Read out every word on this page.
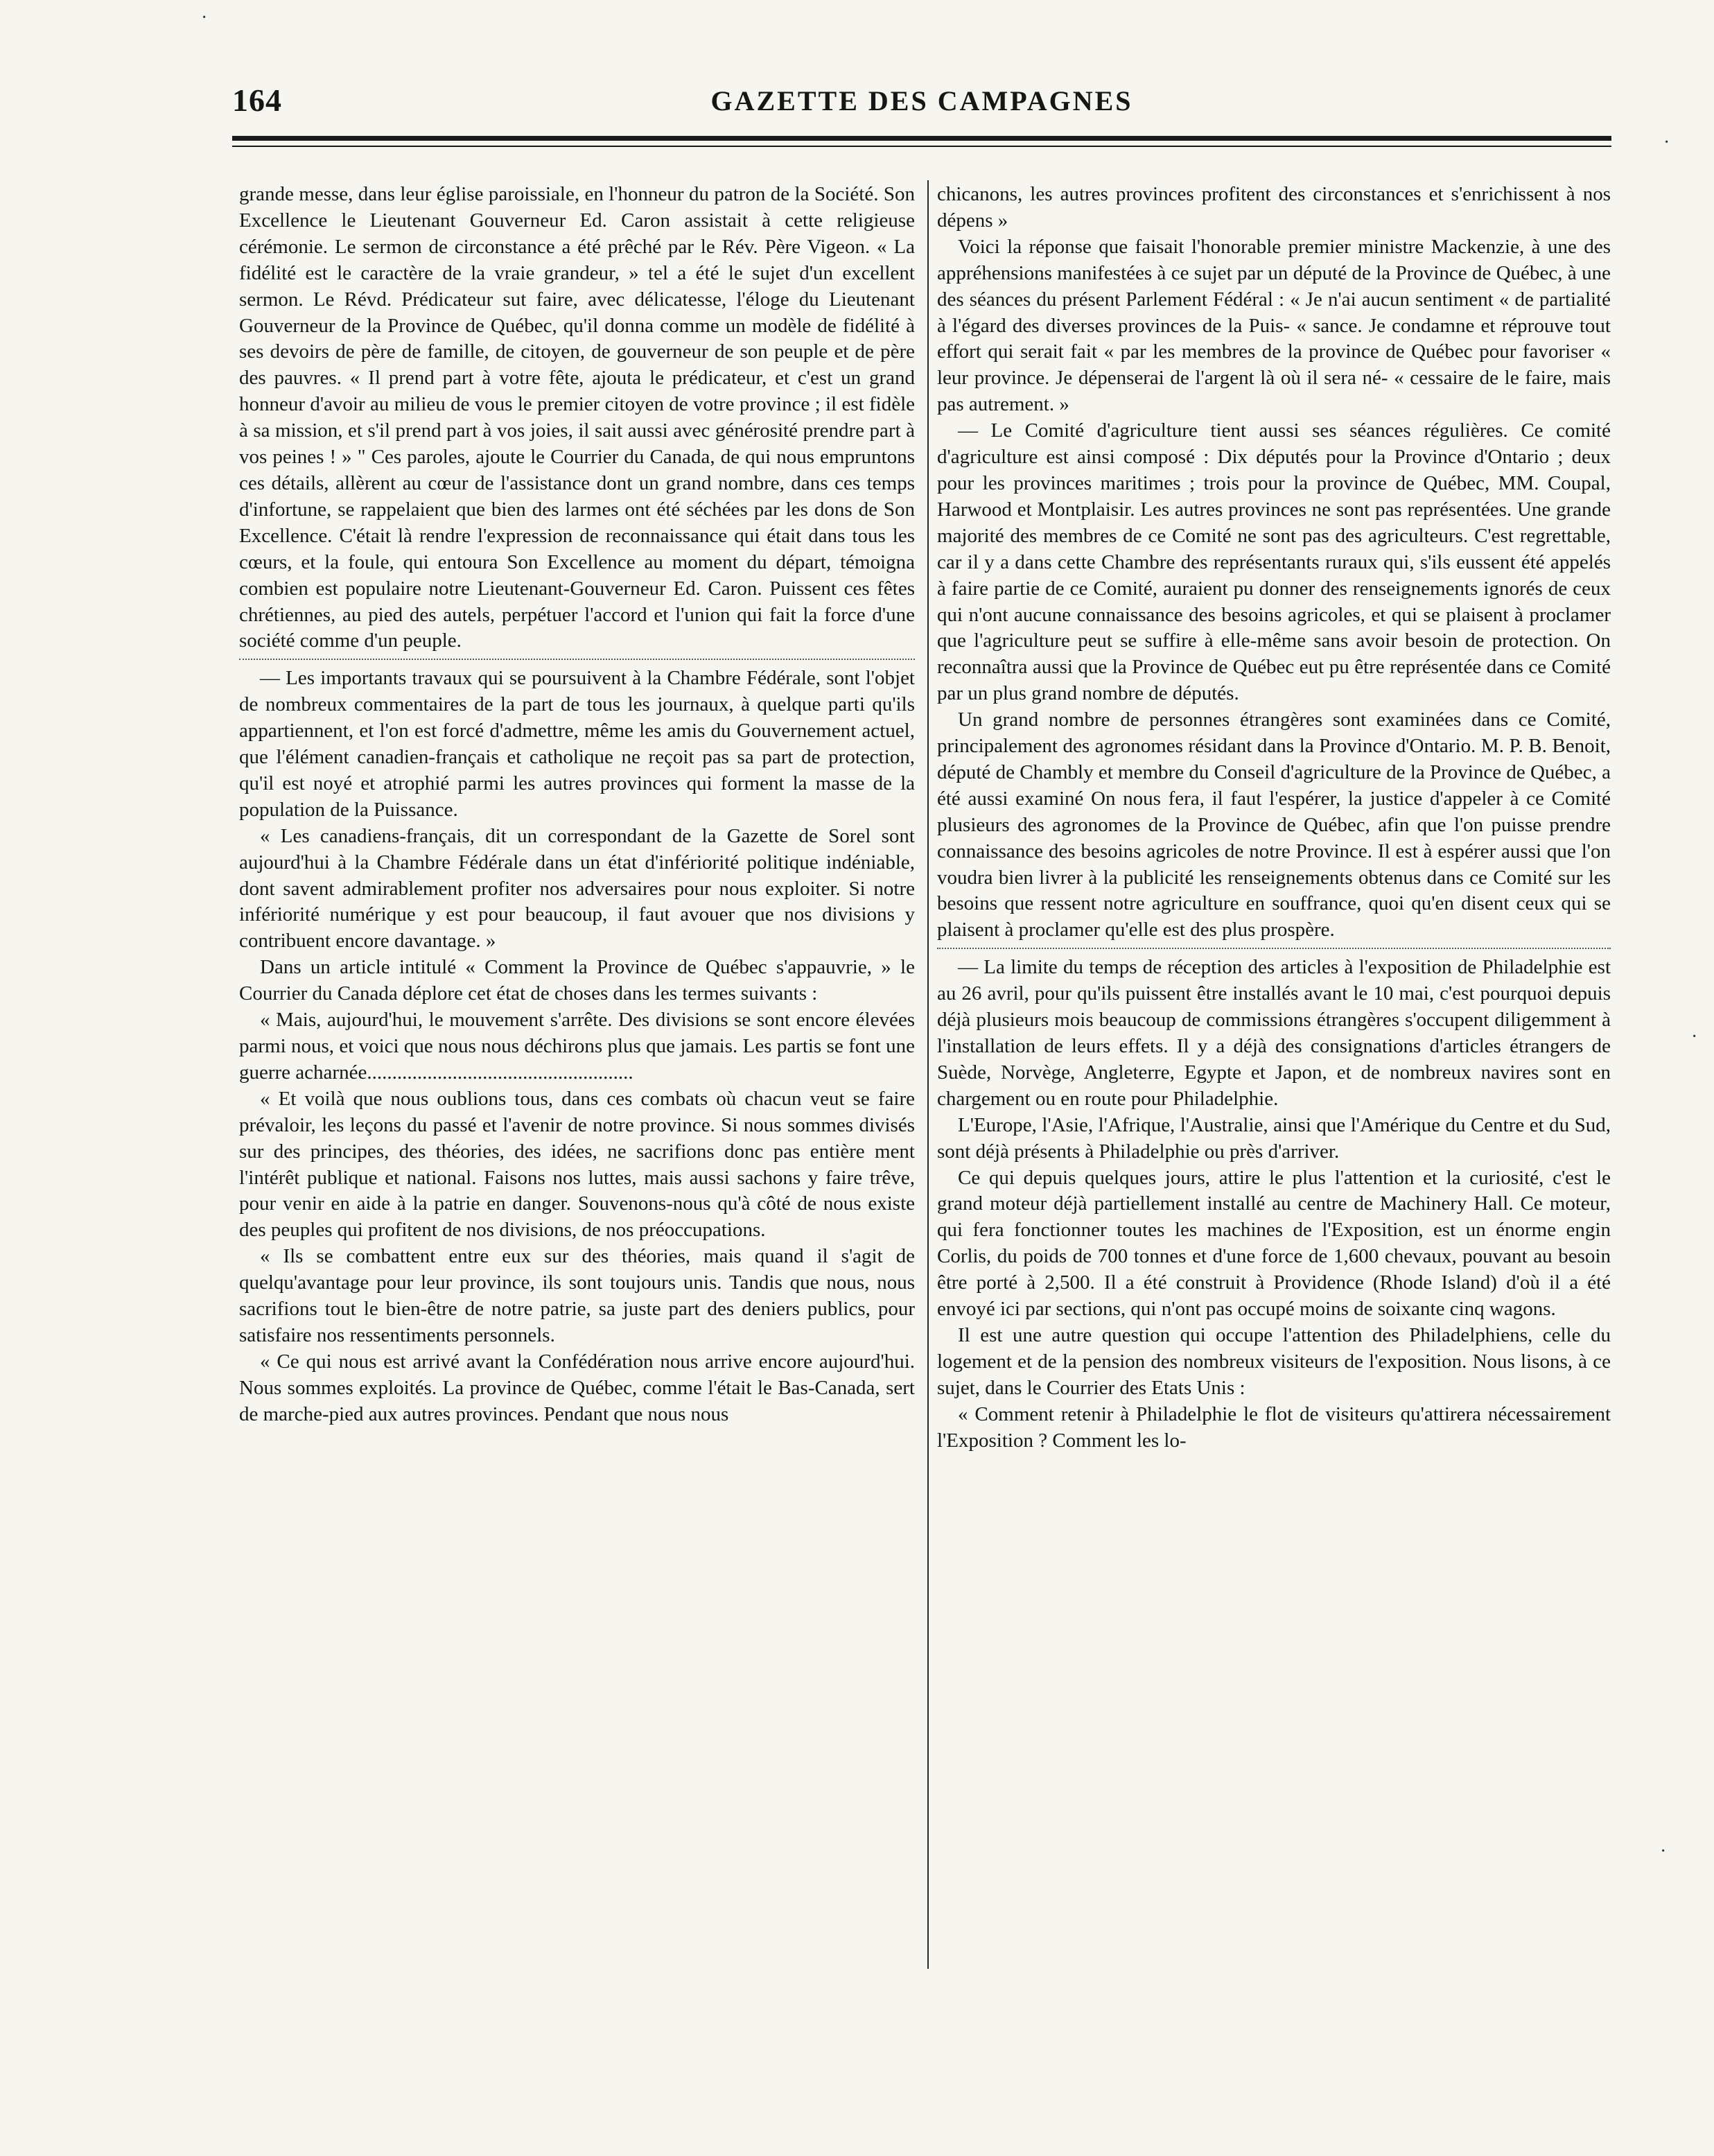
164	GAZETTE DES CAMPAGNES

grande messe, dans leur église paroissiale, en l'honneur du patron de la Société. Son Excellence le Lieutenant Gouverneur Ed. Caron assistait à cette religieuse cérémonie. Le sermon de circonstance a été prêché par le Rév. Père Vigeon. « La fidélité est le caractère de la vraie grandeur, » tel a été le sujet d'un excellent sermon. Le Révd. Prédicateur sut faire, avec délicatesse, l'éloge du Lieutenant Gouverneur de la Province de Québec, qu'il donna comme un modèle de fidélité à ses devoirs de père de famille, de citoyen, de gouverneur de son peuple et de père des pauvres. « Il prend part à votre fête, ajouta le prédicateur, et c'est un grand honneur d'avoir au milieu de vous le premier citoyen de votre province ; il est fidèle à sa mission, et s'il prend part à vos joies, il sait aussi avec générosité prendre part à vos peines ! » " Ces paroles, ajoute le Courrier du Canada, de qui nous empruntons ces détails, allèrent au cœur de l'assistance dont un grand nombre, dans ces temps d'infortune, se rappelaient que bien des larmes ont été séchées par les dons de Son Excellence. C'était là rendre l'expression de reconnaissance qui était dans tous les cœurs, et la foule, qui entoura Son Excellence au moment du départ, témoigna combien est populaire notre Lieutenant-Gouverneur Ed. Caron. Puissent ces fêtes chrétiennes, au pied des autels, perpétuer l'accord et l'union qui fait la force d'une société comme d'un peuple.

— Les importants travaux qui se poursuivent à la Chambre Fédérale, sont l'objet de nombreux commentaires de la part de tous les journaux, à quelque parti qu'ils appartiennent, et l'on est forcé d'admettre, même les amis du Gouvernement actuel, que l'élément canadien-français et catholique ne reçoit pas sa part de protection, qu'il est noyé et atrophié parmi les autres provinces qui forment la masse de la population de la Puissance.

« Les canadiens-français, dit un correspondant de la Gazette de Sorel sont aujourd'hui à la Chambre Fédérale dans un état d'infériorité politique indéniable, dont savent admirablement profiter nos adversaires pour nous exploiter. Si notre infériorité numérique y est pour beaucoup, il faut avouer que nos divisions y contribuent encore davantage. »

Dans un article intitulé « Comment la Province de Québec s'appauvrie, » le Courrier du Canada déplore cet état de choses dans les termes suivants :

« Mais, aujourd'hui, le mouvement s'arrête. Des divisions se sont encore élevées parmi nous, et voici que nous nous déchirons plus que jamais. Les partis se font une guerre acharnée.....................................................

« Et voilà que nous oublions tous, dans ces combats où chacun veut se faire prévaloir, les leçons du passé et l'avenir de notre province. Si nous sommes divisés sur des principes, des théories, des idées, ne sacrifions donc pas entière ment l'intérêt publique et national. Faisons nos luttes, mais aussi sachons y faire trêve, pour venir en aide à la patrie en danger. Souvenons-nous qu'à côté de nous existe des peuples qui profitent de nos divisions, de nos préoccupations.

« Ils se combattent entre eux sur des théories, mais quand il s'agit de quelqu'avantage pour leur province, ils sont toujours unis. Tandis que nous, nous sacrifions tout le bien-être de notre patrie, sa juste part des deniers publics, pour satisfaire nos ressentiments personnels.

« Ce qui nous est arrivé avant la Confédération nous arrive encore aujourd'hui. Nous sommes exploités. La province de Québec, comme l'était le Bas-Canada, sert de marche-pied aux autres provinces. Pendant que nous nous

chicanons, les autres provinces profitent des circonstances et s'enrichissent à nos dépens »

Voici la réponse que faisait l'honorable premier ministre Mackenzie, à une des appréhensions manifestées à ce sujet par un député de la Province de Québec, à une des séances du présent Parlement Fédéral : « Je n'ai aucun sentiment « de partialité à l'égard des diverses provinces de la Puis- « sance. Je condamne et réprouve tout effort qui serait fait « par les membres de la province de Québec pour favoriser « leur province. Je dépenserai de l'argent là où il sera né- « cessaire de le faire, mais pas autrement. »

— Le Comité d'agriculture tient aussi ses séances régulières. Ce comité d'agriculture est ainsi composé : Dix députés pour la Province d'Ontario ; deux pour les provinces maritimes ; trois pour la province de Québec, MM. Coupal, Harwood et Montplaisir. Les autres provinces ne sont pas représentées. Une grande majorité des membres de ce Comité ne sont pas des agriculteurs. C'est regrettable, car il y a dans cette Chambre des représentants ruraux qui, s'ils eussent été appelés à faire partie de ce Comité, auraient pu donner des renseignements ignorés de ceux qui n'ont aucune connaissance des besoins agricoles, et qui se plaisent à proclamer que l'agriculture peut se suffire à elle-même sans avoir besoin de protection. On reconnaîtra aussi que la Province de Québec eut pu être représentée dans ce Comité par un plus grand nombre de députés.

Un grand nombre de personnes étrangères sont examinées dans ce Comité, principalement des agronomes résidant dans la Province d'Ontario. M. P. B. Benoit, député de Chambly et membre du Conseil d'agriculture de la Province de Québec, a été aussi examiné On nous fera, il faut l'espérer, la justice d'appeler à ce Comité plusieurs des agronomes de la Province de Québec, afin que l'on puisse prendre connaissance des besoins agricoles de notre Province. Il est à espérer aussi que l'on voudra bien livrer à la publicité les renseignements obtenus dans ce Comité sur les besoins que ressent notre agriculture en souffrance, quoi qu'en disent ceux qui se plaisent à proclamer qu'elle est des plus prospère.

— La limite du temps de réception des articles à l'exposition de Philadelphie est au 26 avril, pour qu'ils puissent être installés avant le 10 mai, c'est pourquoi depuis déjà plusieurs mois beaucoup de commissions étrangères s'occupent diligemment à l'installation de leurs effets. Il y a déjà des consignations d'articles étrangers de Suède, Norvège, Angleterre, Egypte et Japon, et de nombreux navires sont en chargement ou en route pour Philadelphie.

L'Europe, l'Asie, l'Afrique, l'Australie, ainsi que l'Amérique du Centre et du Sud, sont déjà présents à Philadelphie ou près d'arriver.

Ce qui depuis quelques jours, attire le plus l'attention et la curiosité, c'est le grand moteur déjà partiellement installé au centre de Machinery Hall. Ce moteur, qui fera fonctionner toutes les machines de l'Exposition, est un énorme engin Corlis, du poids de 700 tonnes et d'une force de 1,600 chevaux, pouvant au besoin être porté à 2,500. Il a été construit à Providence (Rhode Island) d'où il a été envoyé ici par sections, qui n'ont pas occupé moins de soixante cinq wagons.

Il est une autre question qui occupe l'attention des Philadelphiens, celle du logement et de la pension des nombreux visiteurs de l'exposition. Nous lisons, à ce sujet, dans le Courrier des Etats Unis :

« Comment retenir à Philadelphie le flot de visiteurs qu'attirera nécessairement l'Exposition ? Comment les lo-

·
·
·
·
